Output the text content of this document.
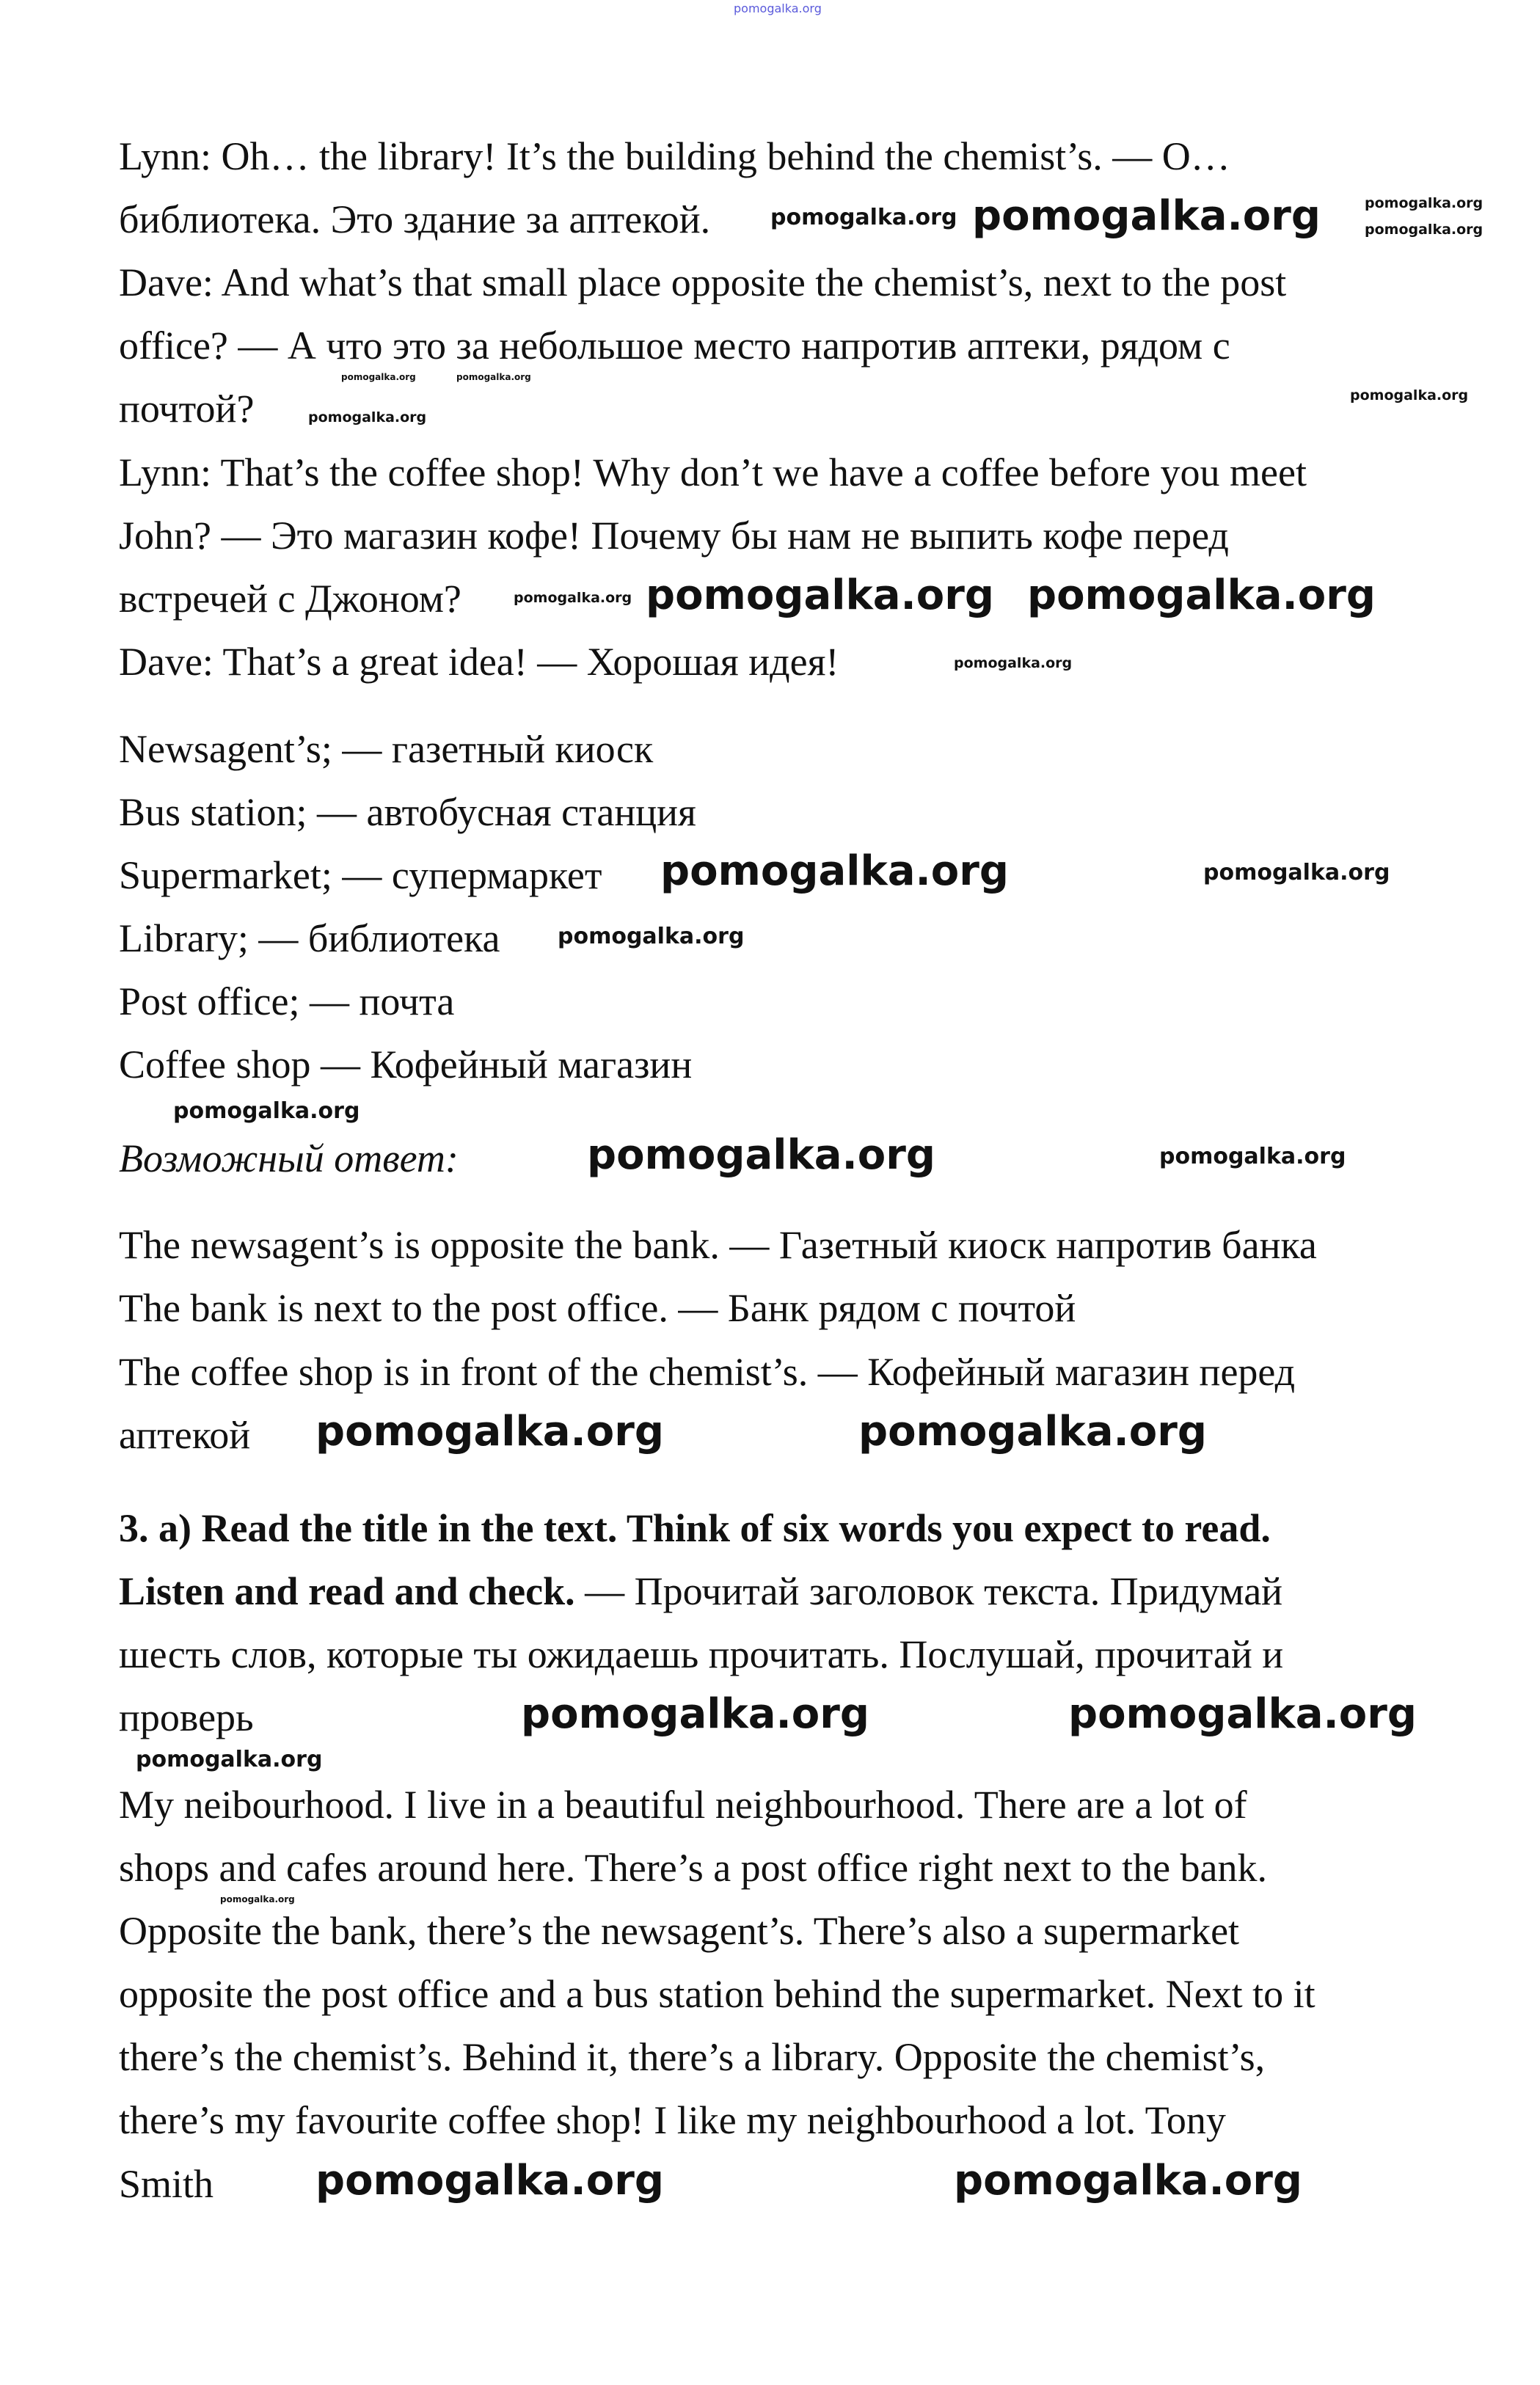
Lynn: Oh… the library! It’s the building behind the chemist’s. — О…
библиотека. Это здание за аптекой.
Dave: And what’s that small place opposite the chemist’s, next to the post
office? — А что это за небольшое место напротив аптеки, рядом с
почтой?
Lynn: That’s the coffee shop! Why don’t we have a coffee before you meet
John? — Это магазин кофе! Почему бы нам не выпить кофе перед
встречей с Джоном?
Dave: That’s a great idea! — Хорошая идея!
Newsagent’s; — газетный киоск
Bus station; — автобусная станция
Supermarket; — супермаркет
Library; — библиотека
Post office; — почта
Coffee shop — Кофейный магазин
Возможный ответ:
The newsagent’s is opposite the bank. — Газетный киоск напротив банка
The bank is next to the post office. — Банк рядом с почтой
The coffee shop is in front of the chemist’s. — Кофейный магазин перед
аптекой
3. a) Read the title in the text. Think of six words you expect to read.
Listen and read and check. — Прочитай заголовок текста. Придумай
шесть слов, которые ты ожидаешь прочитать. Послушай, прочитай и
проверь
My neibourhood. I live in a beautiful neighbourhood. There are a lot of
shops and cafes around here. There’s a post office right next to the bank.
Opposite the bank, there’s the newsagent’s. There’s also a supermarket
opposite the post office and a bus station behind the supermarket. Next to it
there’s the chemist’s. Behind it, there’s a library. Opposite the chemist’s,
there’s my favourite coffee shop! I like my neighbourhood a lot. Tony
Smith
pomogalka.org
pomogalka.org pomogalka.org	pomogalka.org
pomogalka.org
pomogalka.org	pomogalka.org
pomogalka.org
pomogalka.org
pomogalka.org pomogalka.org pomogalka.org
pomogalka.org
pomogalka.org	pomogalka.org
pomogalka.org
pomogalka.org
pomogalka.org	pomogalka.org
pomogalka.org	pomogalka.org
pomogalka.org	pomogalka.org
pomogalka.org
pomogalka.org
pomogalka.org	pomogalka.org
